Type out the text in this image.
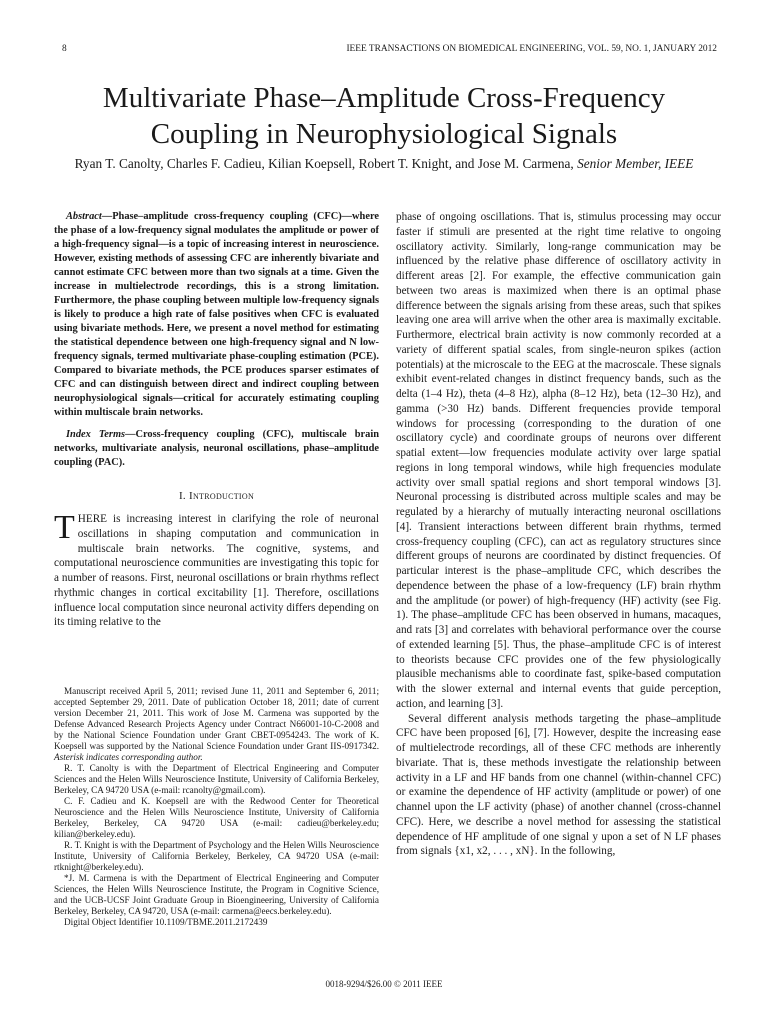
8	IEEE TRANSACTIONS ON BIOMEDICAL ENGINEERING, VOL. 59, NO. 1, JANUARY 2012
Multivariate Phase–Amplitude Cross-Frequency
Coupling in Neurophysiological Signals
Ryan T. Canolty, Charles F. Cadieu, Kilian Koepsell, Robert T. Knight, and Jose M. Carmena, Senior Member, IEEE

Abstract—Phase–amplitude cross-frequency coupling (CFC)—where the phase of a low-frequency signal modulates the amplitude or power of a high-frequency signal—is a topic of increasing interest in neuroscience. However, existing methods of assessing CFC are inherently bivariate and cannot estimate CFC between more than two signals at a time. Given the increase in multielectrode recordings, this is a strong limitation. Furthermore, the phase coupling between multiple low-frequency signals is likely to produce a high rate of false positives when CFC is evaluated using bivariate methods. Here, we present a novel method for estimating the statistical dependence between one high-frequency signal and N low-frequency signals, termed multivariate phase-coupling estimation (PCE). Compared to bivariate methods, the PCE produces sparser estimates of CFC and can distinguish between direct and indirect coupling between neurophysiological signals—critical for accurately estimating coupling within multiscale brain networks.

Index Terms—Cross-frequency coupling (CFC), multiscale brain networks, multivariate analysis, neuronal oscillations, phase–amplitude coupling (PAC).

I. Introduction

THERE is increasing interest in clarifying the role of neuronal oscillations in shaping computation and communication in multiscale brain networks. The cognitive, systems, and computational neuroscience communities are investigating this topic for a number of reasons. First, neuronal oscillations or brain rhythms reflect rhythmic changes in cortical excitability [1]. Therefore, oscillations influence local computation since neuronal activity differs depending on its timing relative to the

Manuscript received April 5, 2011; revised June 11, 2011 and September 6, 2011; accepted September 29, 2011. Date of publication October 18, 2011; date of current version December 21, 2011. This work of Jose M. Carmena was supported by the Defense Advanced Research Projects Agency under Contract N66001-10-C-2008 and by the National Science Foundation under Grant CBET-0954243. The work of K. Koepsell was supported by the National Science Foundation under Grant IIS-0917342. Asterisk indicates corresponding author.

R. T. Canolty is with the Department of Electrical Engineering and Computer Sciences and the Helen Wills Neuroscience Institute, University of California Berkeley, Berkeley, CA 94720 USA (e-mail: rcanolty@gmail.com).

C. F. Cadieu and K. Koepsell are with the Redwood Center for Theoretical Neuroscience and the Helen Wills Neuroscience Institute, University of California Berkeley, Berkeley, CA 94720 USA (e-mail: cadieu@berkeley.edu; kilian@berkeley.edu).

R. T. Knight is with the Department of Psychology and the Helen Wills Neuroscience Institute, University of California Berkeley, Berkeley, CA 94720 USA (e-mail: rtknight@berkeley.edu).

*J. M. Carmena is with the Department of Electrical Engineering and Computer Sciences, the Helen Wills Neuroscience Institute, the Program in Cognitive Science, and the UCB-UCSF Joint Graduate Group in Bioengineering, University of California Berkeley, Berkeley, CA 94720, USA (e-mail: carmena@eecs.berkeley.edu).

Digital Object Identifier 10.1109/TBME.2011.2172439

phase of ongoing oscillations. That is, stimulus processing may occur faster if stimuli are presented at the right time relative to ongoing oscillatory activity. Similarly, long-range communication may be influenced by the relative phase difference of oscillatory activity in different areas [2]. For example, the effective communication gain between two areas is maximized when there is an optimal phase difference between the signals arising from these areas, such that spikes leaving one area will arrive when the other area is maximally excitable. Furthermore, electrical brain activity is now commonly recorded at a variety of different spatial scales, from single-neuron spikes (action potentials) at the microscale to the EEG at the macroscale. These signals exhibit event-related changes in distinct frequency bands, such as the delta (1–4 Hz), theta (4–8 Hz), alpha (8–12 Hz), beta (12–30 Hz), and gamma (>30 Hz) bands. Different frequencies provide temporal windows for processing (corresponding to the duration of one oscillatory cycle) and coordinate groups of neurons over different spatial extent—low frequencies modulate activity over large spatial regions in long temporal windows, while high frequencies modulate activity over small spatial regions and short temporal windows [3]. Neuronal processing is distributed across multiple scales and may be regulated by a hierarchy of mutually interacting neuronal oscillations [4]. Transient interactions between different brain rhythms, termed cross-frequency coupling (CFC), can act as regulatory structures since different groups of neurons are coordinated by distinct frequencies. Of particular interest is the phase–amplitude CFC, which describes the dependence between the phase of a low-frequency (LF) brain rhythm and the amplitude (or power) of high-frequency (HF) activity (see Fig. 1). The phase–amplitude CFC has been observed in humans, macaques, and rats [3] and correlates with behavioral performance over the course of extended learning [5]. Thus, the phase–amplitude CFC is of interest to theorists because CFC provides one of the few physiologically plausible mechanisms able to coordinate fast, spike-based computation with the slower external and internal events that guide perception, action, and learning [3].

Several different analysis methods targeting the phase–amplitude CFC have been proposed [6], [7]. However, despite the increasing ease of multielectrode recordings, all of these CFC methods are inherently bivariate. That is, these methods investigate the relationship between activity in a LF and HF bands from one channel (within-channel CFC) or examine the dependence of HF activity (amplitude or power) of one channel upon the LF activity (phase) of another channel (cross-channel CFC). Here, we describe a novel method for assessing the statistical dependence of HF amplitude of one signal y upon a set of N LF phases from signals {x1, x2, . . . , xN}. In the following,

0018-9294/$26.00 © 2011 IEEE
